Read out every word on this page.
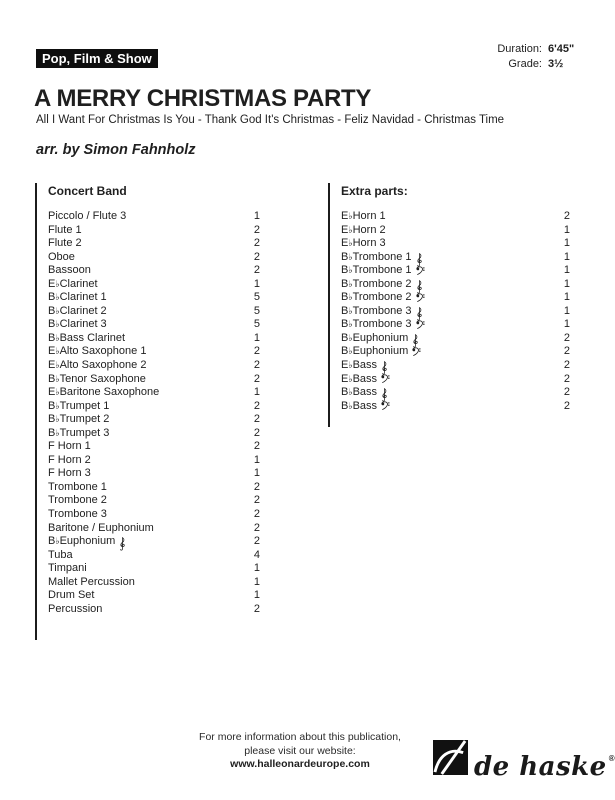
Pop, Film & Show
Duration: 6'45"
Grade: 3½
A MERRY CHRISTMAS PARTY
All I Want For Christmas Is You - Thank God It's Christmas - Feliz Navidad - Christmas Time
arr. by Simon Fahnholz
Concert Band
Piccolo / Flute 3	1
Flute 1	2
Flute 2	2
Oboe	2
Bassoon	2
E ♭ Clarinet	1
B ♭ Clarinet 1	5
B ♭ Clarinet 2	5
B ♭ Clarinet 3	5
B ♭ Bass Clarinet	1
E ♭ Alto Saxophone 1	2
E ♭ Alto Saxophone 2	2
B ♭ Tenor Saxophone	2
E ♭ Baritone Saxophone	1
B ♭ Trumpet 1	2
B ♭ Trumpet 2	2
B ♭ Trumpet 3	2
F Horn 1	2
F Horn 2	1
F Horn 3	1
Trombone 1	2
Trombone 2	2
Trombone 3	2
Baritone / Euphonium	2
B ♭ Euphonium	2
Tuba	4
Timpani	1
Mallet Percussion	1
Drum Set	1
Percussion	2
Extra parts:
E ♭ Horn 1	2
E ♭ Horn 2	1
E ♭ Horn 3	1
B ♭ Trombone 1	1
B ♭ Trombone 1	1
B ♭ Trombone 2	1
B ♭ Trombone 2	1
B ♭ Trombone 3	1
B ♭ Trombone 3	1
B ♭ Euphonium	2
B ♭ Euphonium	2
E ♭ Bass	2
E ♭ Bass	2
B ♭ Bass	2
B ♭ Bass	2
For more information about this publication,
please visit our website:
www.halleonardeurope.com	de haske ®
